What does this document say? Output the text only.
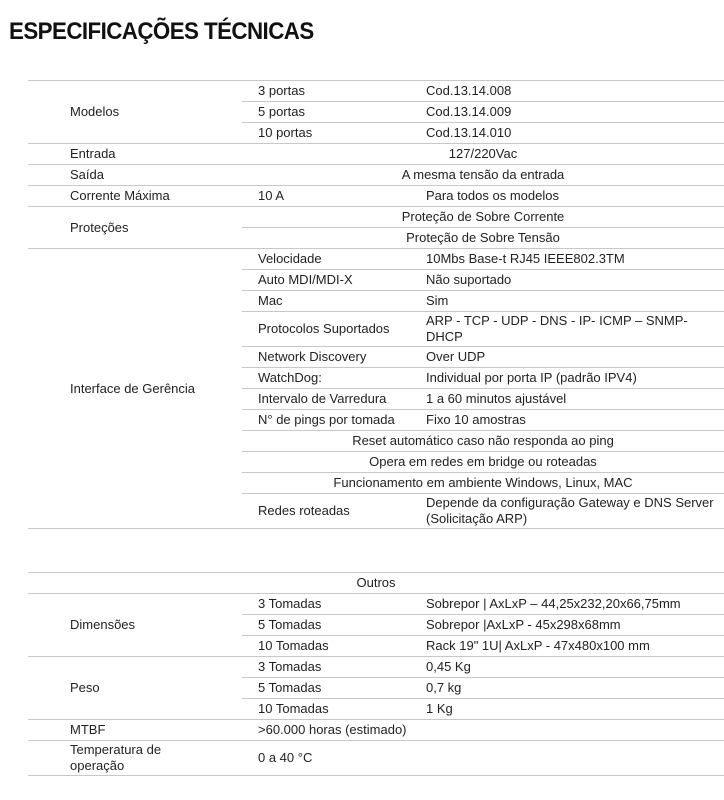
ESPECIFICAÇÕES TÉCNICAS
Modelos	3 portas	Cod.13.14.008
	5 portas	Cod.13.14.009
	10 portas	Cod.13.14.010
Entrada	127/220Vac	
Saída	A mesma tensão da entrada	
Corrente Máxima	10 A	Para todos os modelos
Proteções	Proteção de Sobre Corrente	
	Proteção de Sobre Tensão	
Interface de Gerência	Velocidade	10Mbs Base-t RJ45 IEEE802.3TM
	Auto MDI/MDI-X	Não suportado
	Mac	Sim
	Protocolos Suportados	ARP - TCP - UDP - DNS - IP- ICMP – SNMP-DHCP
	Network Discovery	Over UDP
	WatchDog:	Individual por porta IP (padrão IPV4)
	Intervalo de Varredura	1 a 60 minutos ajustável
	N° de pings por tomada	Fixo 10 amostras
	Reset automático caso não responda ao ping	
	Opera em redes em bridge ou roteadas	
	Funcionamento em ambiente Windows, Linux, MAC	
	Redes roteadas	Depende da configuração Gateway e DNS Server (Solicitação ARP)

Outros		
Dimensões	3 Tomadas	Sobrepor | AxLxP – 44,25x232,20x66,75mm
	5 Tomadas	Sobrepor |AxLxP - 45x298x68mm
	10 Tomadas	Rack 19" 1U| AxLxP - 47x480x100 mm
Peso	3 Tomadas	0,45 Kg
	5 Tomadas	0,7 kg
	10 Tomadas	1 Kg
MTBF	>60.000 horas (estimado)	

Temperatura de operação	0 a 40 °C	
